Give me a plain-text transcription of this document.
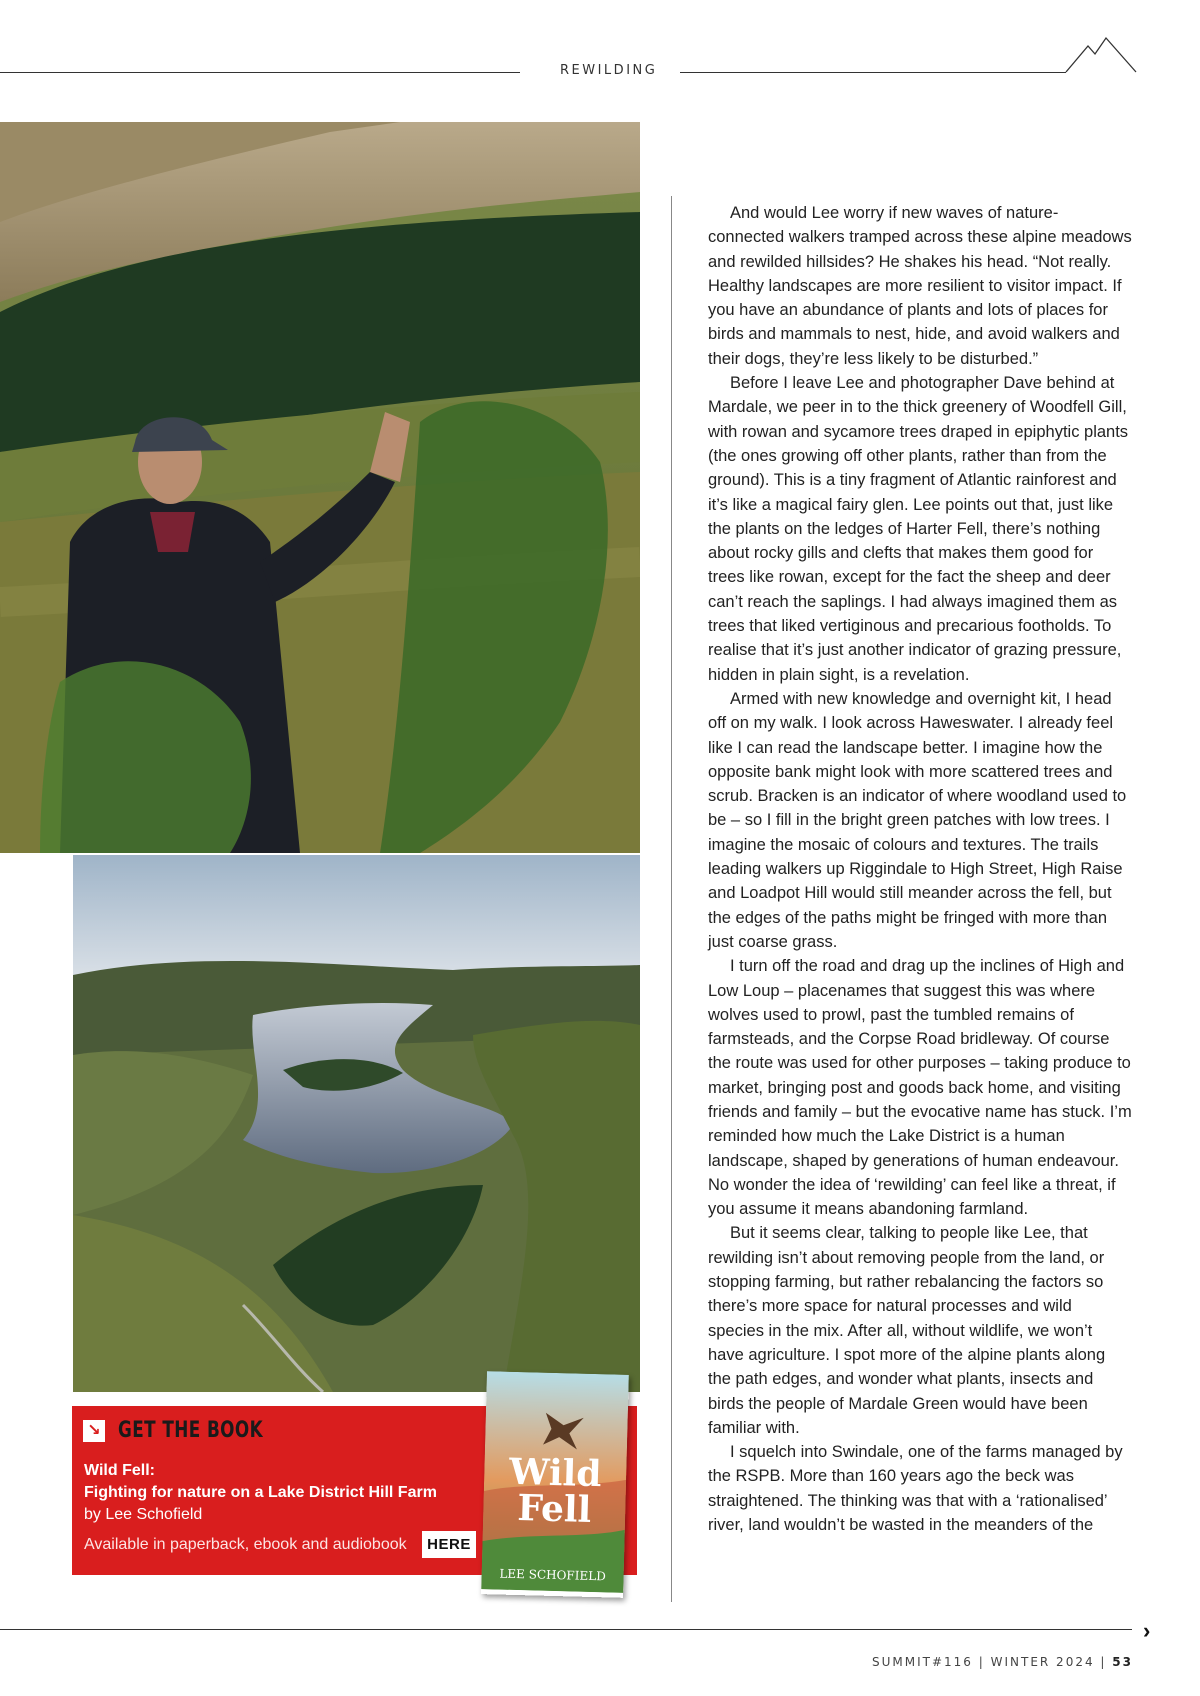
REWILDING

And would Lee worry if new waves of nature-connected walkers tramped across these alpine meadows and rewilded hillsides? He shakes his head. “Not really. Healthy landscapes are more resilient to visitor impact. If you have an abundance of plants and lots of places for birds and mammals to nest, hide, and avoid walkers and their dogs, they’re less likely to be disturbed.”

Before I leave Lee and photographer Dave behind at Mardale, we peer in to the thick greenery of Woodfell Gill, with rowan and sycamore trees draped in epiphytic plants (the ones growing off other plants, rather than from the ground). This is a tiny fragment of Atlantic rainforest and it’s like a magical fairy glen. Lee points out that, just like the plants on the ledges of Harter Fell, there’s nothing about rocky gills and clefts that makes them good for trees like rowan, except for the fact the sheep and deer can’t reach the saplings. I had always imagined them as trees that liked vertiginous and precarious footholds. To realise that it’s just another indicator of grazing pressure, hidden in plain sight, is a revelation.

Armed with new knowledge and overnight kit, I head off on my walk. I look across Haweswater. I already feel like I can read the landscape better. I imagine how the opposite bank might look with more scattered trees and scrub. Bracken is an indicator of where woodland used to be – so I fill in the bright green patches with low trees. I imagine the mosaic of colours and textures. The trails leading walkers up Riggindale to High Street, High Raise and Loadpot Hill would still meander across the fell, but the edges of the paths might be fringed with more than just coarse grass.

I turn off the road and drag up the inclines of High and Low Loup – placenames that suggest this was where wolves used to prowl, past the tumbled remains of farmsteads, and the Corpse Road bridleway. Of course the route was used for other purposes – taking produce to market, bringing post and goods back home, and visiting friends and family – but the evocative name has stuck. I’m reminded how much the Lake District is a human landscape, shaped by generations of human endeavour. No wonder the idea of ‘rewilding’ can feel like a threat, if you assume it means abandoning farmland.

But it seems clear, talking to people like Lee, that rewilding isn’t about removing people from the land, or stopping farming, but rather rebalancing the factors so there’s more space for natural processes and wild species in the mix. After all, without wildlife, we won’t have agriculture. I spot more of the alpine plants along the path edges, and wonder what plants, insects and birds the people of Mardale Green would have been familiar with.

I squelch into Swindale, one of the farms managed by the RSPB. More than 160 years ago the beck was straightened. The thinking was that with a ‘rationalised’ river, land wouldn’t be wasted in the meanders of the

↘ GET THE BOOK
Wild Fell:
Fighting for nature on a Lake District Hill Farm
by Lee Schofield
Available in paperback, ebook and audiobook	HERE
Wild
Fell
LEE SCHOFIELD
›
SUMMIT#116 | WINTER 2024 | 53
